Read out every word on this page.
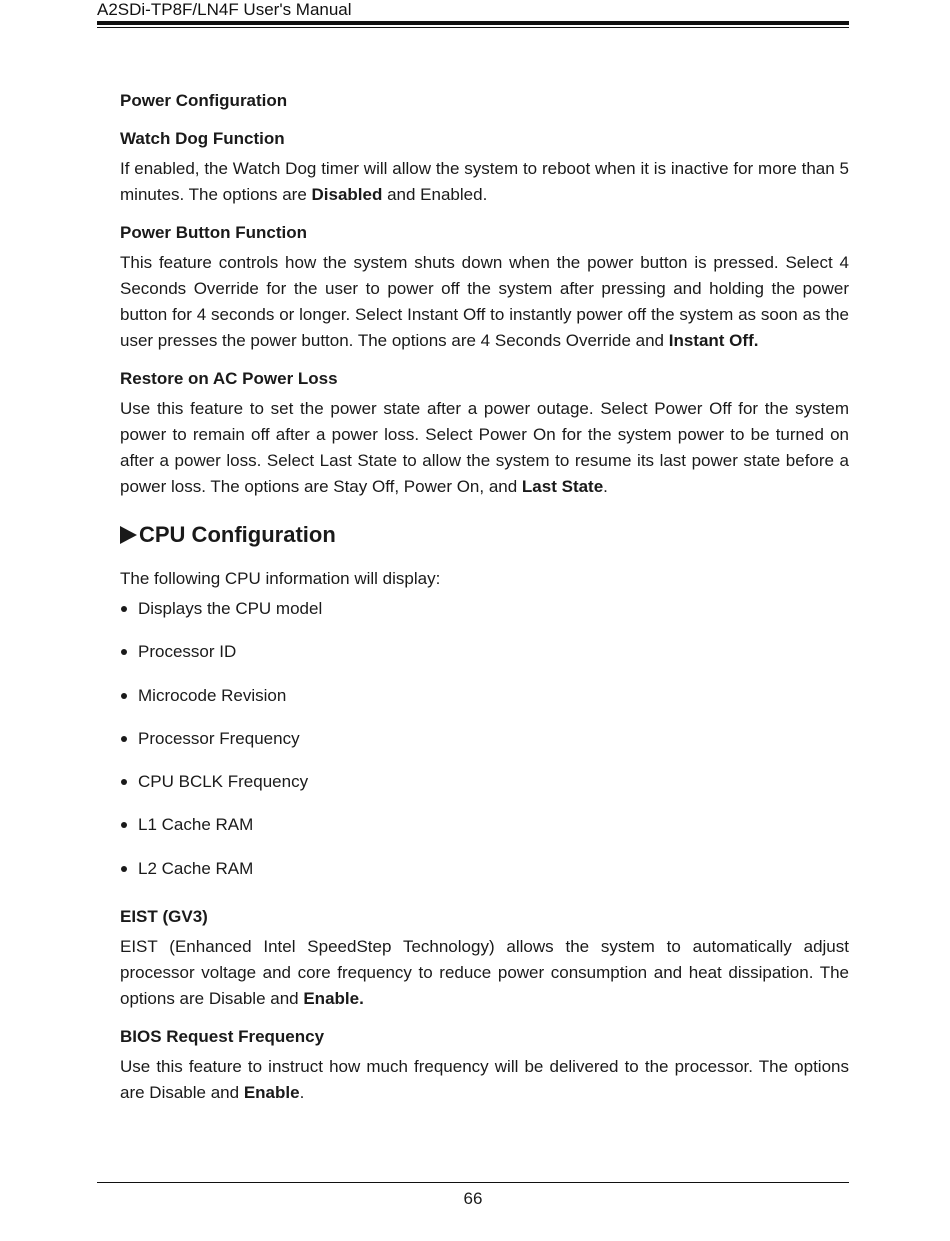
A2SDi-TP8F/LN4F User's Manual
Power Configuration
Watch Dog Function

If enabled, the Watch Dog timer will allow the system to reboot when it is inactive for more than 5 minutes. The options are Disabled and Enabled.

Power Button Function

This feature controls how the system shuts down when the power button is pressed. Select 4 Seconds Override for the user to power off the system after pressing and holding the power button for 4 seconds or longer. Select Instant Off to instantly power off the system as soon as the user presses the power button. The options are 4 Seconds Override and Instant Off.

Restore on AC Power Loss

Use this feature to set the power state after a power outage. Select Power Off for the system power to remain off after a power loss. Select Power On for the system power to be turned on after a power loss. Select Last State to allow the system to resume its last power state before a power loss. The options are Stay Off, Power On, and Last State.

CPU Configuration

The following CPU information will display:

Displays the CPU model
Processor ID
Microcode Revision
Processor Frequency
CPU BCLK Frequency
L1 Cache RAM
L2 Cache RAM
EIST (GV3)

EIST (Enhanced Intel SpeedStep Technology) allows the system to automatically adjust processor voltage and core frequency to reduce power consumption and heat dissipation. The options are Disable and Enable.

BIOS Request Frequency

Use this feature to instruct how much frequency will be delivered to the processor. The options are Disable and Enable.

66
